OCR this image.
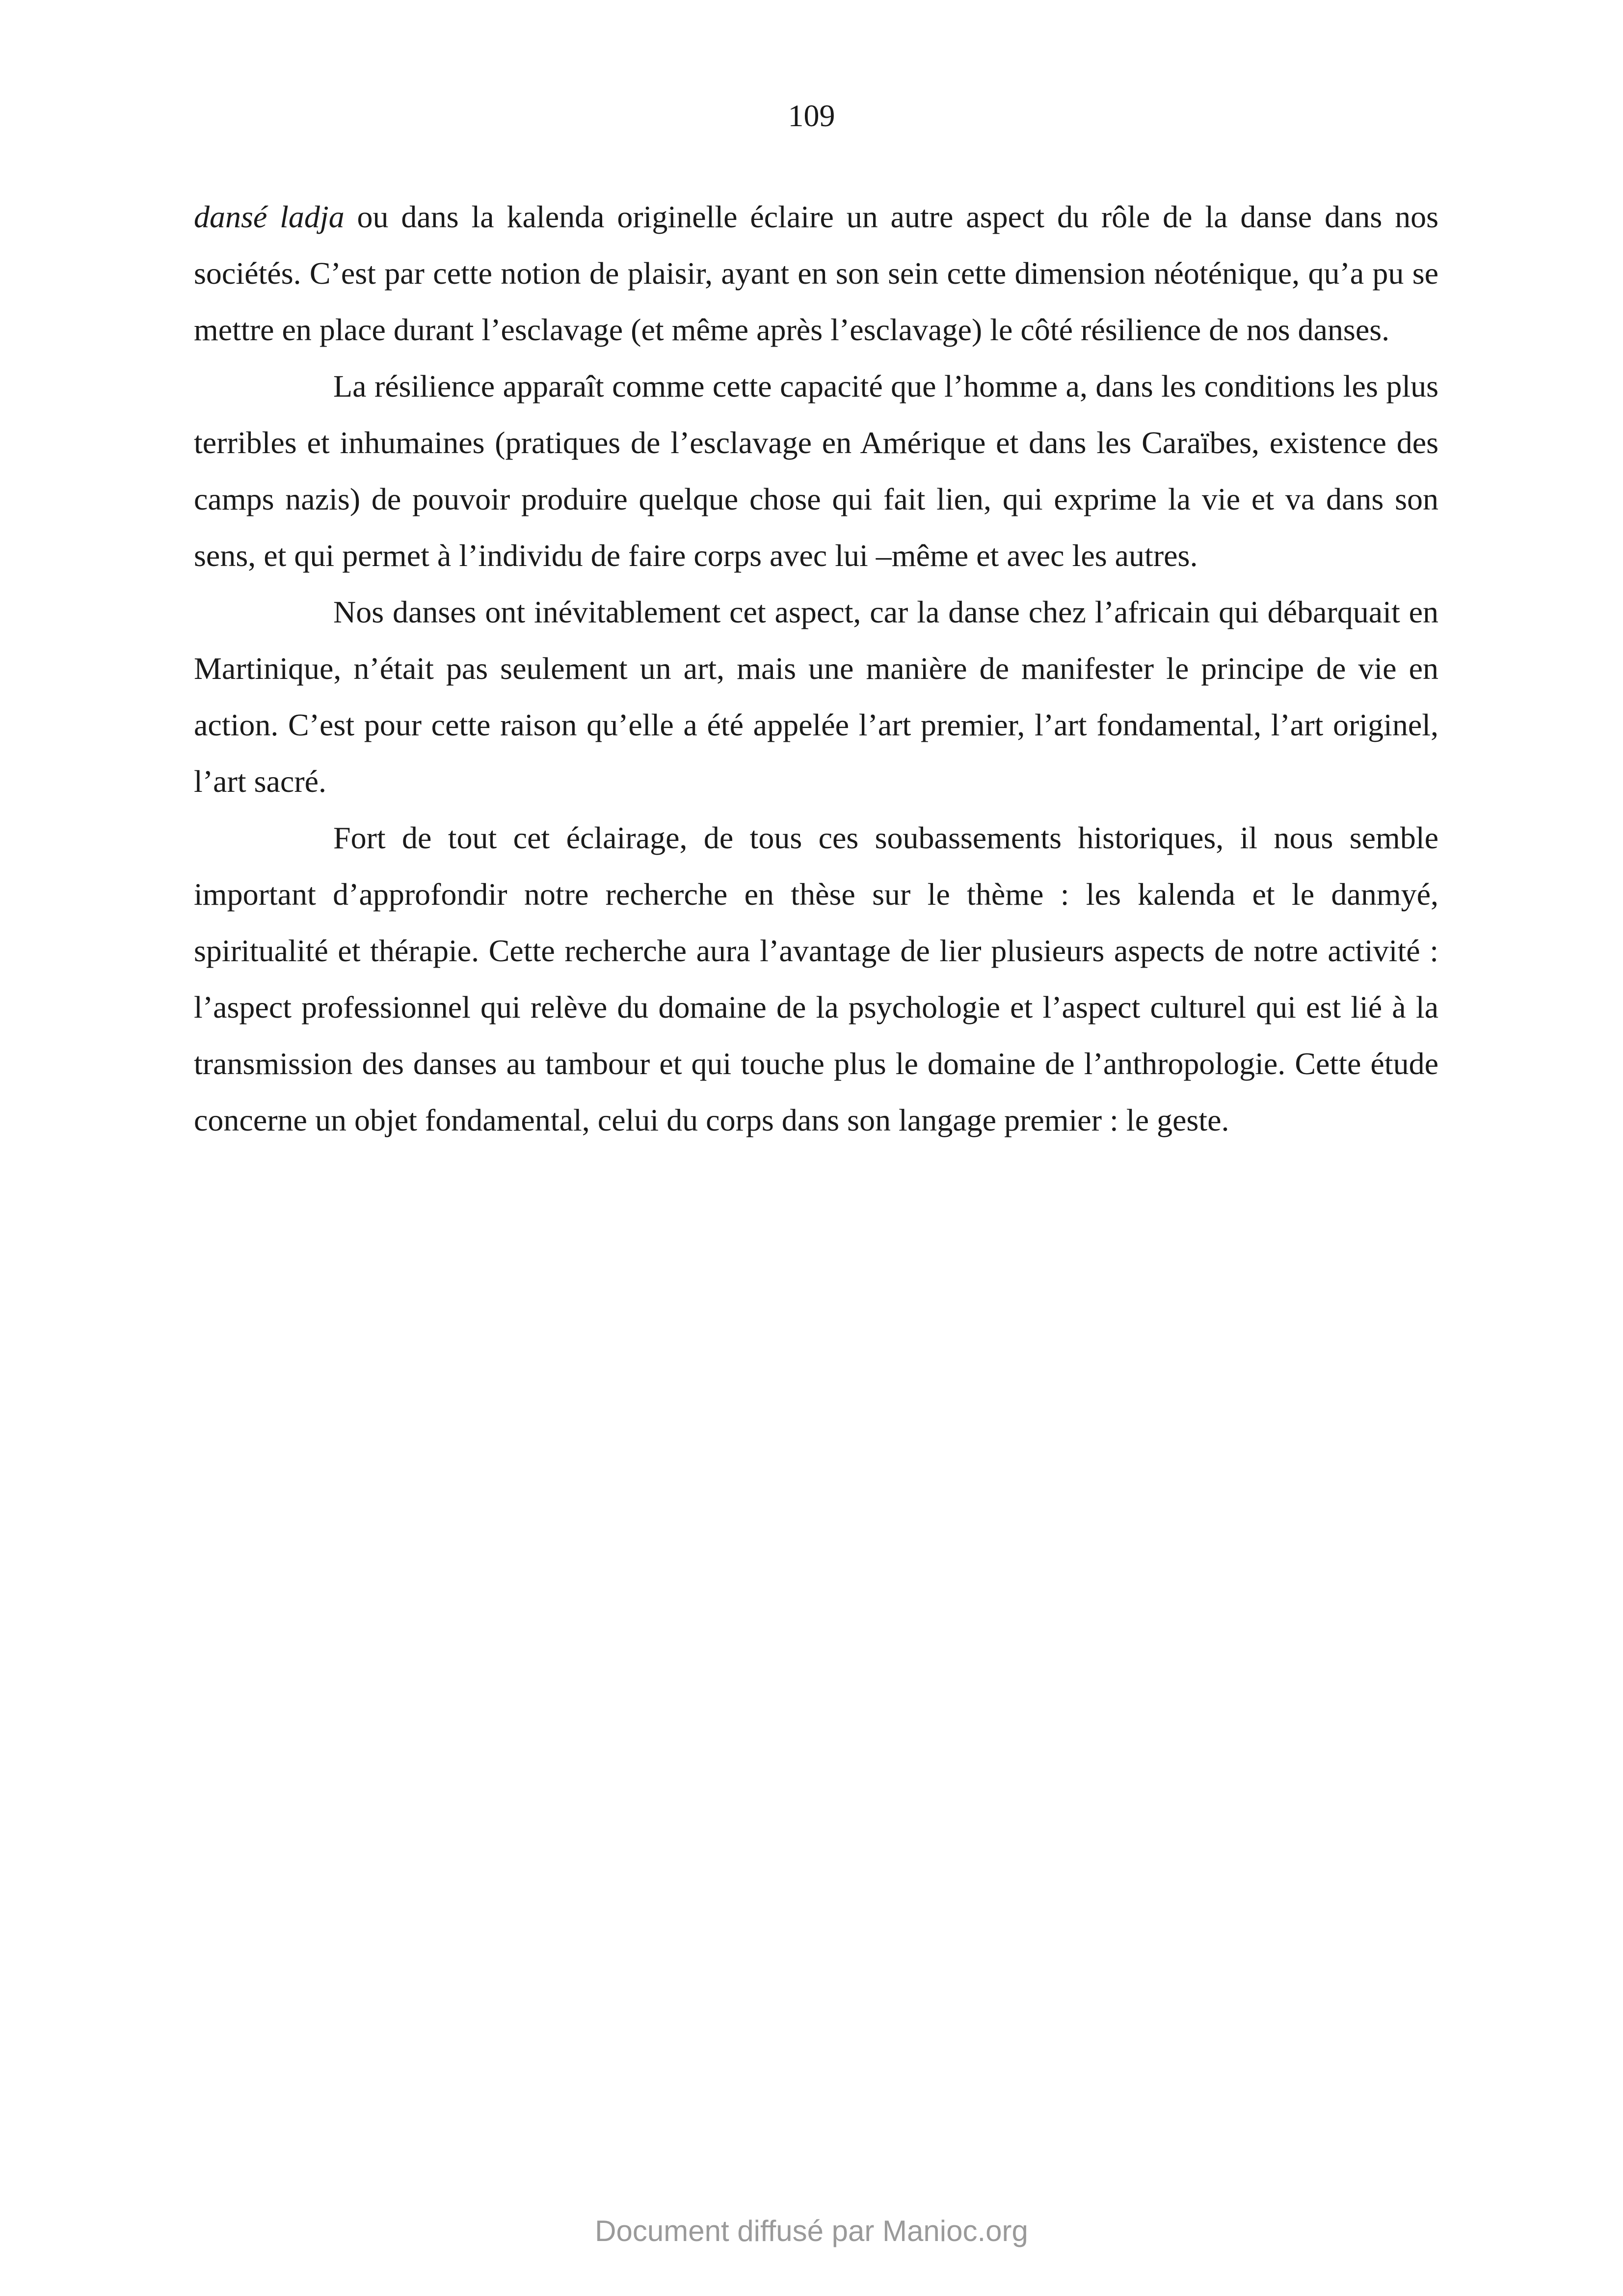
109

dansé ladja ou dans la kalenda originelle éclaire un autre aspect du rôle de la danse dans nos sociétés. C’est par cette notion de plaisir, ayant en son sein cette dimension néoténique, qu’a pu se mettre en place durant l’esclavage (et même après l’esclavage) le côté résilience de nos danses.

La résilience apparaît comme cette capacité que l’homme a, dans les conditions les plus terribles et inhumaines (pratiques de l’esclavage en Amérique et dans les Caraïbes, existence des camps nazis) de pouvoir produire quelque chose qui fait lien, qui exprime la vie et va dans son sens, et qui permet à l’individu de faire corps avec lui –même et avec les autres.

Nos danses ont inévitablement cet aspect, car la danse chez l’africain qui débarquait en Martinique, n’était pas seulement un art, mais une manière de manifester le principe de vie en action. C’est pour cette raison qu’elle a été appelée l’art premier, l’art fondamental, l’art originel, l’art sacré.

Fort de tout cet éclairage, de tous ces soubassements historiques, il nous semble important d’approfondir notre recherche en thèse sur le thème : les kalenda et le danmyé, spiritualité et thérapie. Cette recherche aura l’avantage de lier plusieurs aspects de notre activité : l’aspect professionnel qui relève du domaine de la psychologie et l’aspect culturel qui est lié à la transmission des danses au tambour et qui touche plus le domaine de l’anthropologie. Cette étude concerne un objet fondamental, celui du corps dans son langage premier : le geste.

Document diffusé par Manioc.org
